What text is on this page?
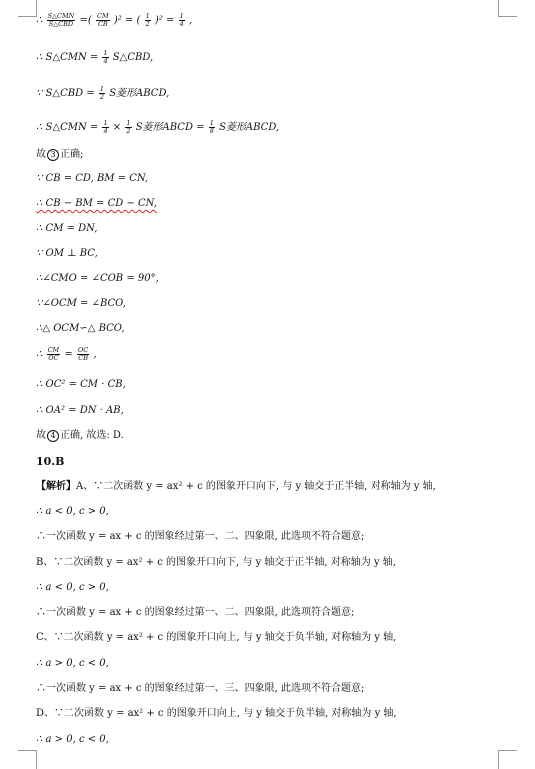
∴ $\frac{\text{S△CMN}}{\text{S△CBD}}$ =( $\frac{CM}{CB} )^2$ = ( $\frac{1}{2} )^2 = \frac{1}{4}$ ,
∴ S△CMN = $\frac{1}{4}$ S△CBD,
∵ S△CBD = $\frac{1}{2}$ S菱形ABCD,
∴ S△CMN = $\frac{1}{4} \times \frac{1}{2}$ S菱形ABCD = $\frac{1}{8}$ S菱形ABCD,
故 3 正确;
∵ CB = CD, BM = CN,
∴ CB − BM = CD − CN,
∴ CM = DN,
∵ OM ⊥ BC,
∴∠CMO = ∠COB = 90°,
∵∠OCM = ∠BCO,
∴△ OCM∽△ BCO,
∴ $\frac{CM}{OC} = \frac{OC}{CB}$ ,
∴ OC² = CM · CB,
∴ OA² = DN · AB,
故 4 正确, 故选: D.
10.B
【解析】A、∵二次函数 y = ax² + c 的图象开口向下, 与 y 轴交于正半轴, 对称轴为 y 轴,
∴ a < 0, c > 0,
∴一次函数 y = ax + c 的图象经过第一、二、四象限, 此选项不符合题意;
B、∵二次函数 y = ax² + c 的图象开口向下, 与 y 轴交于正半轴, 对称轴为 y 轴,
∴ a < 0, c > 0,
∴一次函数 y = ax + c 的图象经过第一、二、四象限, 此选项符合题意;
C、∵二次函数 y = ax² + c 的图象开口向上, 与 y 轴交于负半轴, 对称轴为 y 轴,
∴ a > 0, c < 0,
∴一次函数 y = ax + c 的图象经过第一、三、四象限, 此选项不符合题意;
D、∵二次函数 y = ax² + c 的图象开口向上, 与 y 轴交于负半轴, 对称轴为 y 轴,
∴ a > 0, c < 0,
